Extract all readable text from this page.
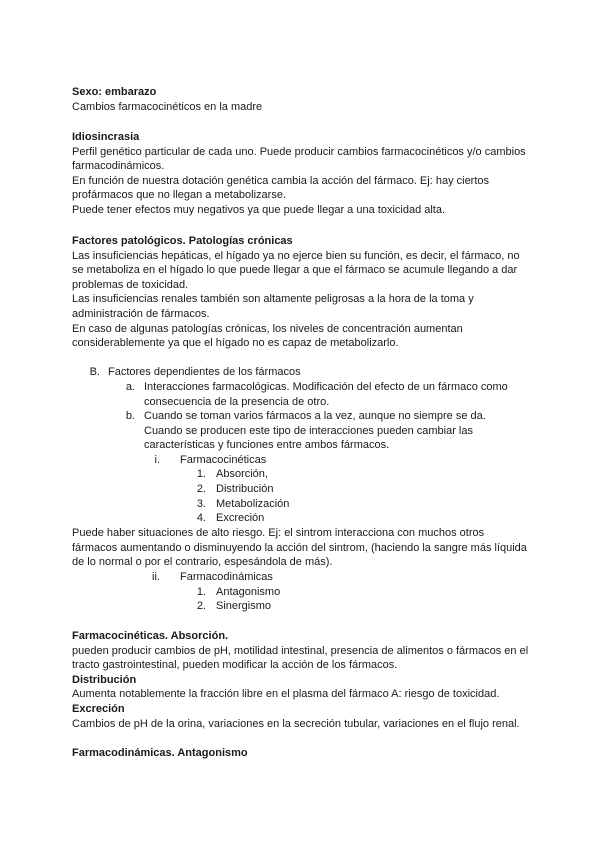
Sexo: embarazo
Cambios farmacocinéticos en la madre
Idiosincrasia
Perfil genético particular de cada uno. Puede producir cambios farmacocinéticos y/o cambios farmacodinámicos.
En función de nuestra dotación genética cambia la acción del fármaco. Ej: hay ciertos profármacos que no llegan a metabolizarse.
Puede tener efectos muy negativos ya que puede llegar a una toxicidad alta.
Factores patológicos. Patologías crónicas
Las insuficiencias hepáticas, el hígado ya no ejerce bien su función, es decir, el fármaco, no se metaboliza en el hígado lo que puede llegar a que el fármaco se acumule llegando a dar problemas de toxicidad.
Las insuficiencias renales también son altamente peligrosas a la hora de la toma y administración de fármacos.
En caso de algunas patologías crónicas, los niveles de concentración aumentan considerablemente ya que el hígado no es capaz de metabolizarlo.
B. Factores dependientes de los fármacos
a. Interacciones farmacológicas. Modificación del efecto de un fármaco como consecuencia de la presencia de otro.
b. Cuando se toman varios fármacos a la vez, aunque no siempre se da. Cuando se producen este tipo de interacciones pueden cambiar las características y funciones entre ambos fármacos.
i. Farmacocinéticas
1. Absorción,
2. Distribución
3. Metabolización
4. Excreción
Puede haber situaciones de alto riesgo. Ej: el sintrom interacciona con muchos otros fármacos aumentando o disminuyendo la acción del sintrom, (haciendo la sangre más líquida de lo normal o por el contrario, espesándola de más).
ii. Farmacodinámicas
1. Antagonismo
2. Sinergismo
Farmacocinéticas. Absorción.
pueden producir cambios de pH, motilidad intestinal, presencia de alimentos o fármacos en el tracto gastrointestinal, pueden modificar la acción de los fármacos.
Distribución
Aumenta notablemente la fracción libre en el plasma del fármaco A: riesgo de toxicidad.
Excreción
Cambios de pH de la orina, variaciones en la secreción tubular, variaciones en el flujo renal.
Farmacodinámicas. Antagonismo
